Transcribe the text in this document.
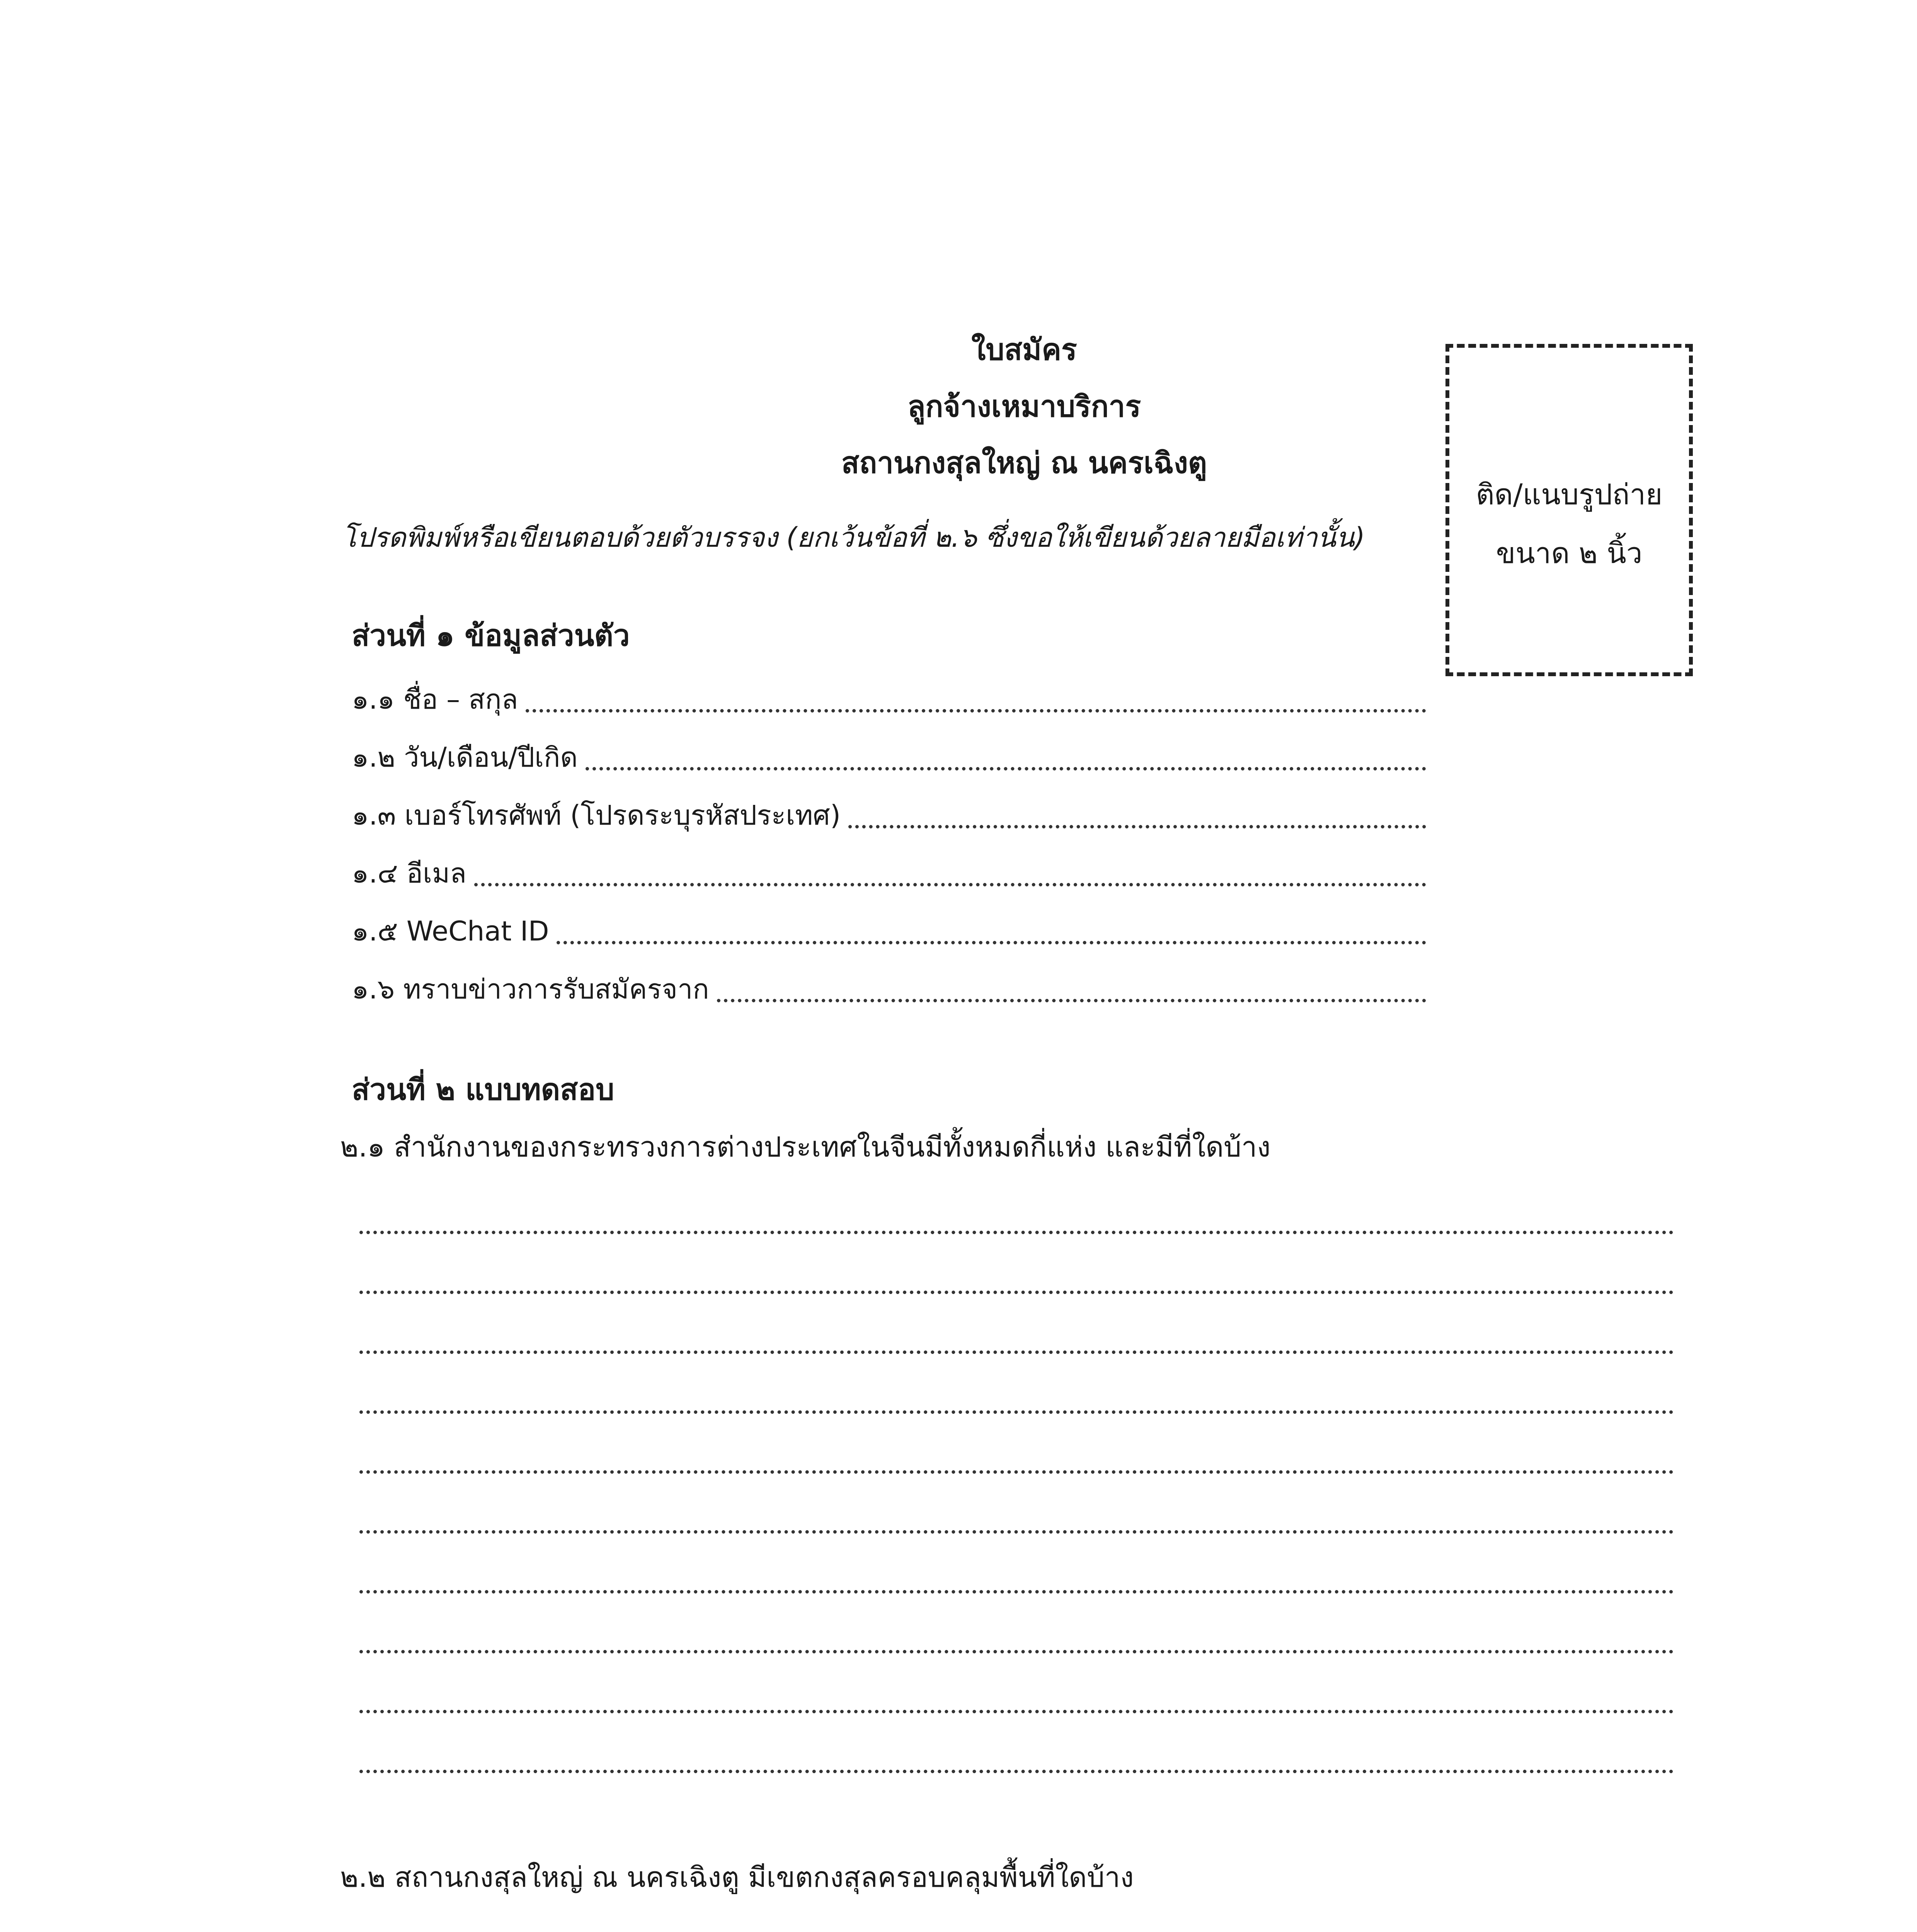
ใบสมัคร
ลูกจ้างเหมาบริการ
สถานกงสุลใหญ่ ณ นครเฉิงตู
ติด/แนบรูปถ่าย
ขนาด ๒ นิ้ว
โปรดพิมพ์หรือเขียนตอบด้วยตัวบรรจง (ยกเว้นข้อที่ ๒.๖ ซึ่งขอให้เขียนด้วยลายมือเท่านั้น)
ส่วนที่ ๑ ข้อมูลส่วนตัว
๑.๑ ชื่อ – สกุล
๑.๒ วัน/เดือน/ปีเกิด
๑.๓ เบอร์โทรศัพท์ (โปรดระบุรหัสประเทศ)
๑.๔ อีเมล
๑.๕ WeChat ID
๑.๖ ทราบข่าวการรับสมัครจาก
ส่วนที่ ๒ แบบทดสอบ
๒.๑ สำนักงานของกระทรวงการต่างประเทศในจีนมีทั้งหมดกี่แห่ง และมีที่ใดบ้าง
๒.๒ สถานกงสุลใหญ่ ณ นครเฉิงตู มีเขตกงสุลครอบคลุมพื้นที่ใดบ้าง
